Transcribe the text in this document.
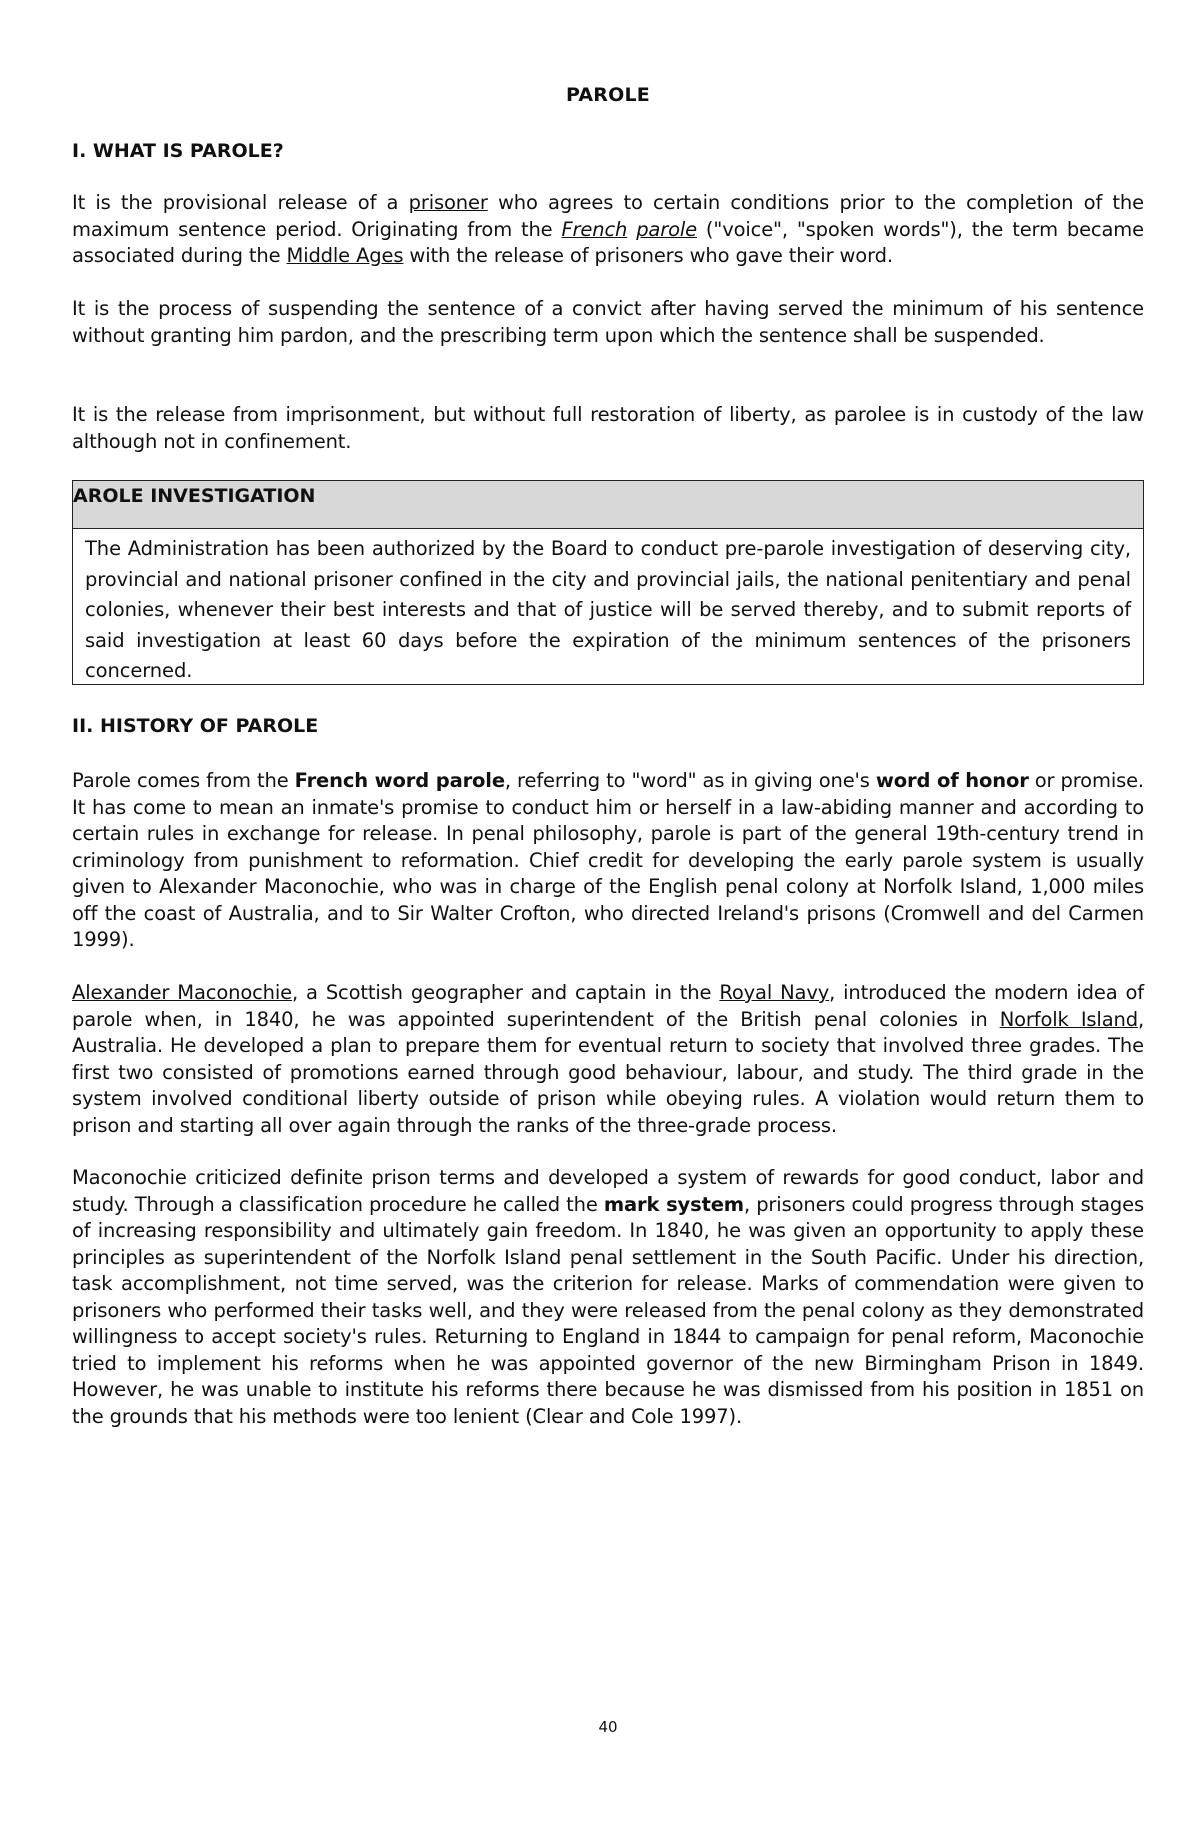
PAROLE
I. WHAT IS PAROLE?
It is the provisional release of a prisoner who agrees to certain conditions prior to the completion of the maximum sentence period. Originating from the French parole ("voice", "spoken words"), the term became associated during the Middle Ages with the release of prisoners who gave their word.
It is the process of suspending the sentence of a convict after having served the minimum of his sentence without granting him pardon, and the prescribing term upon which the sentence shall be suspended.
It is the release from imprisonment, but without full restoration of liberty, as parolee is in custody of the law although not in confinement.
AROLE INVESTIGATION
The Administration has been authorized by the Board to conduct pre-parole investigation of deserving city, provincial and national prisoner confined in the city and provincial jails, the national penitentiary and penal colonies, whenever their best interests and that of justice will be served thereby, and to submit reports of said investigation at least 60 days before the expiration of the minimum sentences of the prisoners concerned.
II. HISTORY OF PAROLE
Parole comes from the French word parole, referring to "word" as in giving one's word of honor or promise. It has come to mean an inmate's promise to conduct him or herself in a law-abiding manner and according to certain rules in exchange for release. In penal philosophy, parole is part of the general 19th-century trend in criminology from punishment to reformation. Chief credit for developing the early parole system is usually given to Alexander Maconochie, who was in charge of the English penal colony at Norfolk Island, 1,000 miles off the coast of Australia, and to Sir Walter Crofton, who directed Ireland's prisons (Cromwell and del Carmen 1999).
Alexander Maconochie, a Scottish geographer and captain in the Royal Navy, introduced the modern idea of parole when, in 1840, he was appointed superintendent of the British penal colonies in Norfolk Island, Australia. He developed a plan to prepare them for eventual return to society that involved three grades. The first two consisted of promotions earned through good behaviour, labour, and study. The third grade in the system involved conditional liberty outside of prison while obeying rules. A violation would return them to prison and starting all over again through the ranks of the three-grade process.
Maconochie criticized definite prison terms and developed a system of rewards for good conduct, labor and study. Through a classification procedure he called the mark system, prisoners could progress through stages of increasing responsibility and ultimately gain freedom. In 1840, he was given an opportunity to apply these principles as superintendent of the Norfolk Island penal settlement in the South Pacific. Under his direction, task accomplishment, not time served, was the criterion for release. Marks of commendation were given to prisoners who performed their tasks well, and they were released from the penal colony as they demonstrated willingness to accept society's rules. Returning to England in 1844 to campaign for penal reform, Maconochie tried to implement his reforms when he was appointed governor of the new Birmingham Prison in 1849. However, he was unable to institute his reforms there because he was dismissed from his position in 1851 on the grounds that his methods were too lenient (Clear and Cole 1997).
40
